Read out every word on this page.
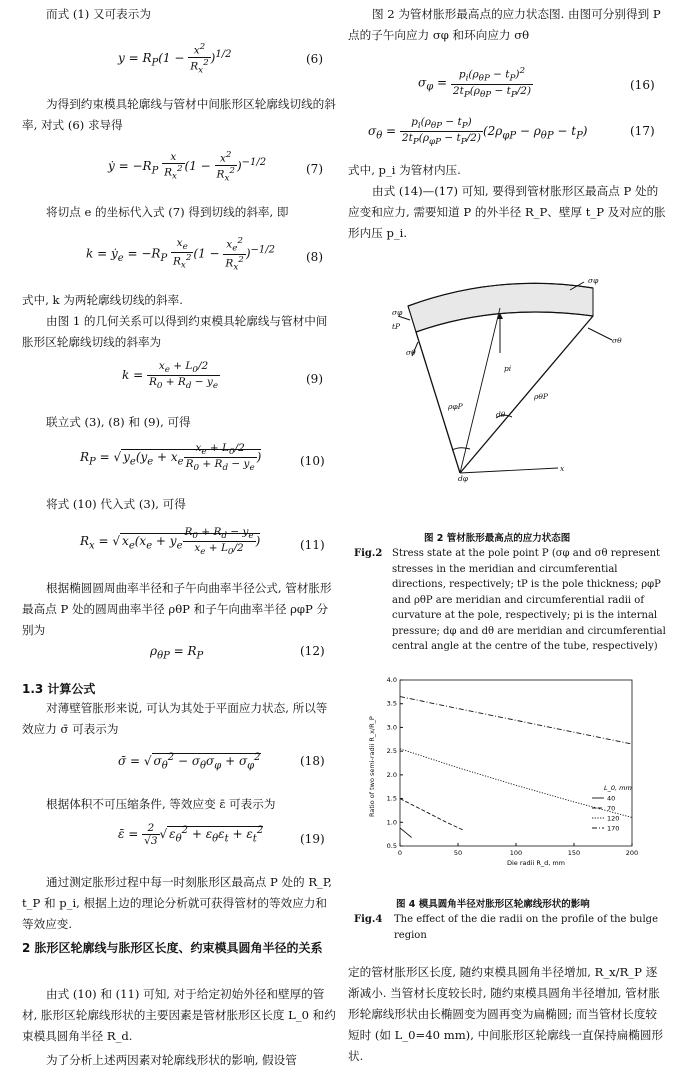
而式 (1) 又可表示为
$y = R_P(1 - \frac{x^2}{R_x^2} )^{1/2}$	(6)
为得到约束模具轮廓线与管材中间胀形区轮廓线切线的斜率, 对式 (6) 求导得
ẏ = $-R_P \frac{x}{R_x^2} (1 - \frac{x^2}{R_x^2} )^{-1/2}$	(7)
将切点 e 的坐标代入式 (7) 得到切线的斜率, 即
k = ẏ$_e$ = $-R_P \frac{x_e}{R_x^2} (1 - \frac{x_e^2}{R_x^2} )^{-1/2}$	(8)
式中, k 为两轮廓线切线的斜率.
由图 1 的几何关系可以得到约束模具轮廓线与管材中间胀形区轮廓线切线的斜率为
$k = \frac{x_e + L_0/2}{R_0 + R_d - y_e}$	(9)
联立式 (3), (8) 和 (9), 可得
$R_P$ = √ $y_e(y_e + x_e \frac{x_e + L_0/2}{R_0 + R_d - y_e}$ )	(10)
将式 (10) 代入式 (3), 可得
$R_x$ = √ $x_e(x_e + y_e \frac{R_0 + R_d - y_e}{x_e + L_0/2}$ )	(11)
根据椭圆圆周曲率半径和子午向曲率半径公式, 管材胀形最高点 P 处的圆周曲率半径 ρθP 和子午向曲率半径 ρφP 分别为
$\rho_{\theta P} = R_P$	(12)
1.3 计算公式
对薄壁管胀形来说, 可认为其处于平面应力状态, 所以等效应力 σ̄ 可表示为
σ̄ = √ $\sigma_\theta^2 - \sigma_\theta\sigma_\varphi + \sigma_\varphi^2$	(18)
根据体积不可压缩条件, 等效应变 ε̄ 可表示为
ε̄ = $\frac{2}{√3}$ √ $\varepsilon_\theta^2 + \varepsilon_\theta\varepsilon_t + \varepsilon_t^2$
(19)
通过测定胀形过程中每一时刻胀形区最高点 P 处的 R_P, t_P 和 p_i, 根据上边的理论分析就可获得管材的等效应力和等效应变.
2 胀形区轮廓线与胀形区长度、约束模具圆角半径的关系
由式 (10) 和 (11) 可知, 对于给定初始外径和壁厚的管材, 胀形区轮廓线形状的主要因素是管材胀形区长度 L_0 和约束模具圆角半径 R_d.
为了分析上述两因素对轮廓线形状的影响, 假设管
图 2 为管材胀形最高点的应力状态图. 由图可分别得到 P 点的子午向应力 σφ 和环向应力 σθ
$\sigma_\varphi = \frac{p_i(\rho_{\theta P} - t_P)^2}{2t_P(\rho_{\theta P} - t_P/2)}$	(16)
$\sigma_\theta = \frac{p_i(\rho_{\theta P} - t_P)}{2t_P(\rho_{\varphi P} - t_P/2)} (2\rho_{\varphi P} - \rho_{\theta P} - t_P)$	(17)
式中, p_i 为管材内压.
由式 (14)—(17) 可知, 要得到管材胀形区最高点 P 处的应变和应力, 需要知道 P 的外半径 R_P、壁厚 t_P 及对应的胀形内压 p_i.
σφ
σφ
σθ
σθ
tP
pi
ρφP
ρθP
dθ
dφ
x
图 2 管材胀形最高点的应力状态图
Fig.2 Stress state at the pole point P (σφ and σθ represent stresses in the meridian and circumferential directions, respectively; tP is the pole thickness; ρφP and ρθP are meridian and circumferential radii of curvature at the pole, respectively; pi is the internal pressure; dφ and dθ are meridian and circumferential central angle at the centre of the tube, respectively)
0	50	100	150	200
0.5
1.0
1.5
2.0
2.5
3.0
3.5
4.0
Die radii R_d, mm
40
70
120
170
L_0, mm
Ratio of two semi-radii R_x/R_P
图 4 模具圆角半径对胀形区轮廓线形状的影响
Fig.4 The effect of the die radii on the profile of the bulge region
定的管材胀形区长度, 随约束模具圆角半径增加, R_x/R_P 逐渐减小. 当管材长度较长时, 随约束模具圆角半径增加, 管材胀形轮廓线形状由长椭圆变为圆再变为扁椭圆; 而当管材长度较短时 (如 L_0=40 mm), 中间胀形区轮廓线一直保持扁椭圆形状.
